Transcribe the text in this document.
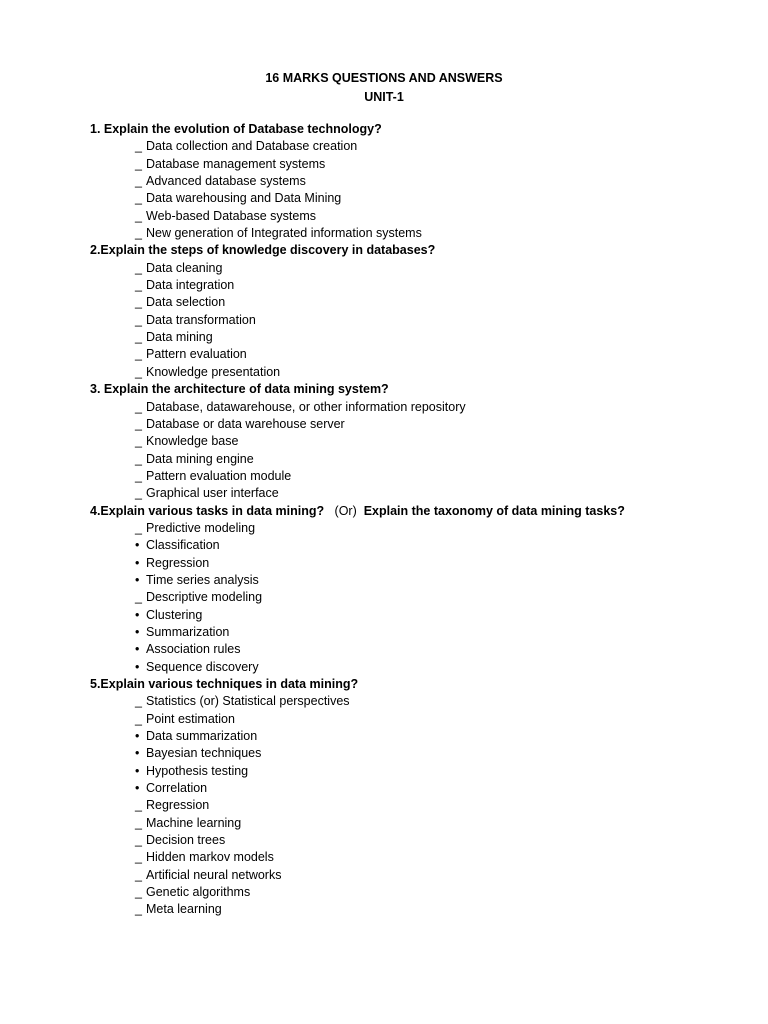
16 MARKS QUESTIONS AND ANSWERS
UNIT-1
1. Explain the evolution of Database technology?
_ Data collection and Database creation
_ Database management systems
_ Advanced database systems
_ Data warehousing and Data Mining
_ Web-based Database systems
_ New generation of Integrated information systems
2.Explain the steps of knowledge discovery in databases?
_ Data cleaning
_ Data integration
_ Data selection
_ Data transformation
_ Data mining
_ Pattern evaluation
_ Knowledge presentation
3. Explain the architecture of data mining system?
_ Database, datawarehouse, or other information repository
_ Database or data warehouse server
_ Knowledge base
_ Data mining engine
_ Pattern evaluation module
_ Graphical user interface
4.Explain various tasks in data mining? (Or) Explain the taxonomy of data mining tasks?
_ Predictive modeling
• Classification
• Regression
• Time series analysis
_ Descriptive modeling
• Clustering
• Summarization
• Association rules
• Sequence discovery
5.Explain various techniques in data mining?
_ Statistics (or) Statistical perspectives
_ Point estimation
• Data summarization
• Bayesian techniques
• Hypothesis testing
• Correlation
_ Regression
_ Machine learning
_ Decision trees
_ Hidden markov models
_ Artificial neural networks
_ Genetic algorithms
_ Meta learning
